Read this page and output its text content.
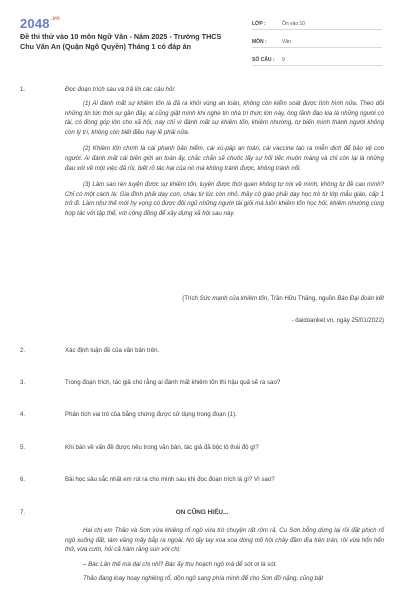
$2048^{.vn}$
Đề thi thử vào 10 môn Ngữ Văn - Năm 2025 - Trường THCS Chu Văn An (Quận Ngô Quyền) Tháng 1 có đáp án
LỚP :	Ôn vào 10
MÔN :	Văn
SỐ CÂU :	9
1.	Đọc đoạn trích sau và trả lời các câu hỏi:
(1) Ai đánh mất sự khiêm tốn là đã ra khỏi vùng an toàn, không còn kiểm soát được tình hình nữa. Theo dõi những tin tức thời sự gần đây, ai cũng giật mình khi nghe tin nhà trí thức lớn này, ông lãnh đạo kia là những người có tài, có đóng góp lớn cho xã hội, nay chỉ vì đánh mất sự khiêm tốn, khiêm nhường, tự biến mình thành người không còn lý trí, không còn biết điều hay lẽ phải nữa.
(2) Khiêm tốn chính là cái phanh bảo hiểm, cái xú-páp an toàn, cái vaccine tạo ra miễn dịch để bảo vệ con người. Ai đánh mất cái biên giới an toàn ấy, chắc chắn sẽ chuốc lấy sự hối tiếc muộn màng và chỉ còn lại là những đau xót về một việc đã rồi, biết rõ tác hại của nó mà không tránh được, không tránh nổi.
(3) Làm sao rèn luyện được sự khiêm tốn, luyện được thói quen không tự nói về mình, không tự đề cao mình? Chỉ có một cách là: Gia đình phải dạy con, cháu từ lúc còn nhỏ, thầy cô giáo phải dạy học trò từ lớp mẫu giáo, cấp 1 trở đi. Làm như thế mới hy vọng có được đội ngũ những người tài giỏi mà luôn khiêm tốn học hỏi, khiêm nhường cùng hợp tác với tập thể, với cộng đồng để xây dựng xã hội sau này.
(Trích Sức mạnh của khiêm tốn, Trần Hữu Thăng, nguồn Báo Đại đoàn kết
- daidoanket.vn, ngày 25/01/2022)
2.	Xác định luận đề của văn bản trên.
3.	Trong đoạn trích, tác giả cho rằng ai đánh mất khiêm tốn thì hậu quả sẽ ra sao?
4.	Phân tích vai trò của bằng chứng được sử dụng trong đoạn (1).
5.	Khi bàn về vấn đề được nêu trong văn bản, tác giả đã bộc lộ thái độ gì?
6.	Bài học sâu sắc nhất em rút ra cho mình sau khi đọc đoạn trích là gì? Vì sao?
7.	ON CŨNG HIẾU...
Hai chị em Thảo và Sơn vừa khiêng rổ ngô vừa trò chuyện rất rôm rả. Cu Sơn bỗng dừng lại rồi đặt phịch rổ ngô xuống đất, làm văng mấy bắp ra ngoài. Nó lấy tay xoa xoa dòng mồ hôi chảy đầm đìa trên trán, rồi vừa hổn hển thở, vừa cười, hỏi cả hàm răng sún với chị:
– Bác Lân thế mà dại chị nhỉ? Bác ấy thu hoạch ngô mà để sót ơi là sót.
Thảo đang loay hoay nghiêng rổ, dồn ngô sang phía mình để cho Sơn đỡ nặng, cũng bật
